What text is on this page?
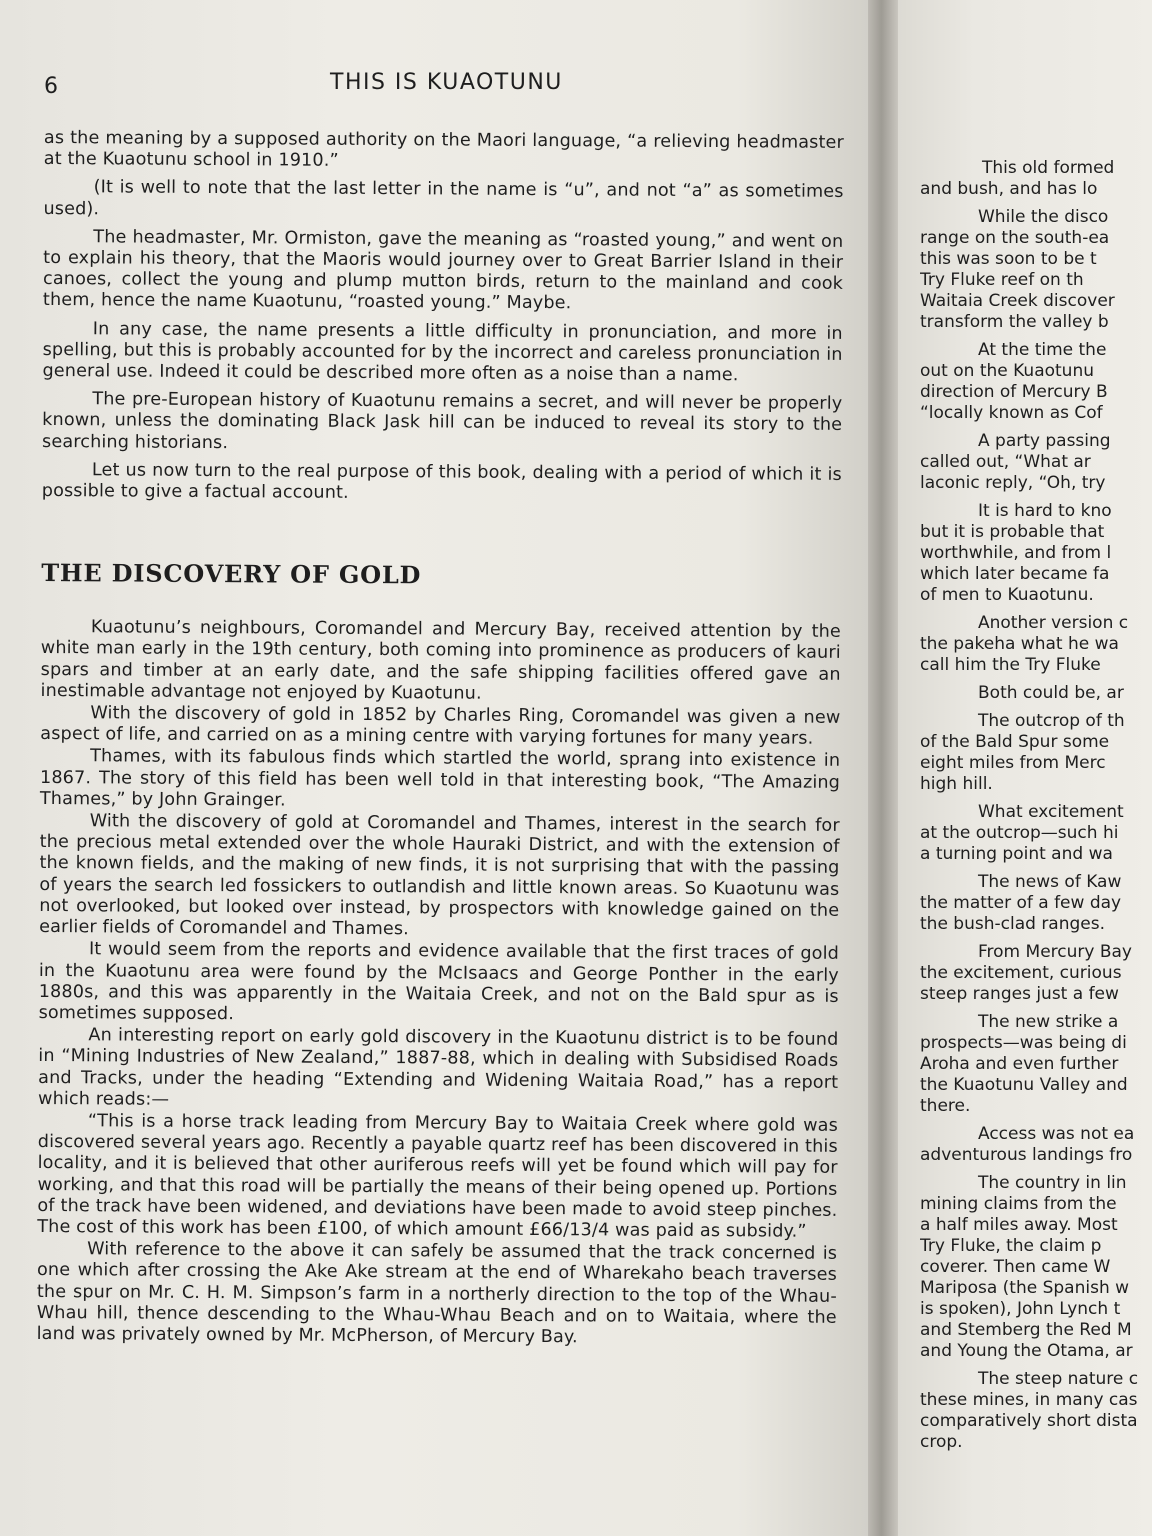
6	THIS IS KUAOTUNU

as the meaning by a supposed authority on the Maori language, “a relieving headmaster at the Kuaotunu school in 1910.”

(It is well to note that the last letter in the name is “u”, and not “a” as sometimes used).

The headmaster, Mr. Ormiston, gave the meaning as “roasted young,” and went on to explain his theory, that the Maoris would journey over to Great Barrier Island in their canoes, collect the young and plump mutton birds, return to the mainland and cook them, hence the name Kuaotunu, “roasted young.” Maybe.

In any case, the name presents a little difficulty in pronunciation, and more in spelling, but this is probably accounted for by the incorrect and careless pronunciation in general use. Indeed it could be described more often as a noise than a name.

The pre-European history of Kuaotunu remains a secret, and will never be properly known, unless the dominating Black Jask hill can be induced to reveal its story to the searching historians.

Let us now turn to the real purpose of this book, dealing with a period of which it is possible to give a factual account.

THE DISCOVERY OF GOLD

Kuaotunu’s neighbours, Coromandel and Mercury Bay, received attention by the white man early in the 19th century, both coming into prominence as producers of kauri spars and timber at an early date, and the safe shipping facilities offered gave an inestimable advantage not enjoyed by Kuaotunu.

With the discovery of gold in 1852 by Charles Ring, Coromandel was given a new aspect of life, and carried on as a mining centre with varying fortunes for many years.

Thames, with its fabulous finds which startled the world, sprang into existence in 1867. The story of this field has been well told in that interesting book, “The Amazing Thames,” by John Grainger.

With the discovery of gold at Coromandel and Thames, interest in the search for the precious metal extended over the whole Hauraki District, and with the extension of the known fields, and the making of new finds, it is not surprising that with the passing of years the search led fossickers to outlandish and little known areas. So Kuaotunu was not overlooked, but looked over instead, by prospectors with knowledge gained on the earlier fields of Coromandel and Thames.

It would seem from the reports and evidence available that the first traces of gold in the Kuaotunu area were found by the McIsaacs and George Ponther in the early 1880s, and this was apparently in the Waitaia Creek, and not on the Bald spur as is sometimes supposed.

An interesting report on early gold discovery in the Kuaotunu district is to be found in “Mining Industries of New Zealand,” 1887-88, which in dealing with Subsidised Roads and Tracks, under the heading “Extending and Widening Waitaia Road,” has a report which reads:—

“This is a horse track leading from Mercury Bay to Waitaia Creek where gold was discovered several years ago. Recently a payable quartz reef has been discovered in this locality, and it is believed that other auriferous reefs will yet be found which will pay for working, and that this road will be partially the means of their being opened up. Portions of the track have been widened, and deviations have been made to avoid steep pinches. The cost of this work has been £100, of which amount £66/13/4 was paid as subsidy.”

With reference to the above it can safely be assumed that the track concerned is one which after crossing the Ake Ake stream at the end of Wharekaho beach traverses the spur on Mr. C. H. M. Simpson’s farm in a northerly direction to the top of the Whau-Whau hill, thence descending to the Whau-Whau Beach and on to Waitaia, where the land was privately owned by Mr. McPherson, of Mercury Bay.

This old formed
and bush, and has lo

While the disco
range on the south-ea
this was soon to be t
Try Fluke reef on th
Waitaia Creek discover
transform the valley b

At the time the
out on the Kuaotunu
direction of Mercury B
“locally known as Cof

A party passing
called out, “What ar
laconic reply, “Oh, try

It is hard to kno
but it is probable that
worthwhile, and from l
which later became fa
of men to Kuaotunu.

Another version c
the pakeha what he wa
call him the Try Fluke

Both could be, ar

The outcrop of th
of the Bald Spur some
eight miles from Merc
high hill.

What excitement
at the outcrop—such hi
a turning point and wa

The news of Kaw
the matter of a few day
the bush-clad ranges.

From Mercury Bay
the excitement, curious
steep ranges just a few

The new strike a
prospects—was being di
Aroha and even further
the Kuaotunu Valley and
there.

Access was not ea
adventurous landings fro

The country in lin
mining claims from the
a half miles away. Most
Try Fluke, the claim p
coverer. Then came W
Mariposa (the Spanish w
is spoken), John Lynch t
and Stemberg the Red M
and Young the Otama, ar

The steep nature c
these mines, in many cas
comparatively short dista
crop.
